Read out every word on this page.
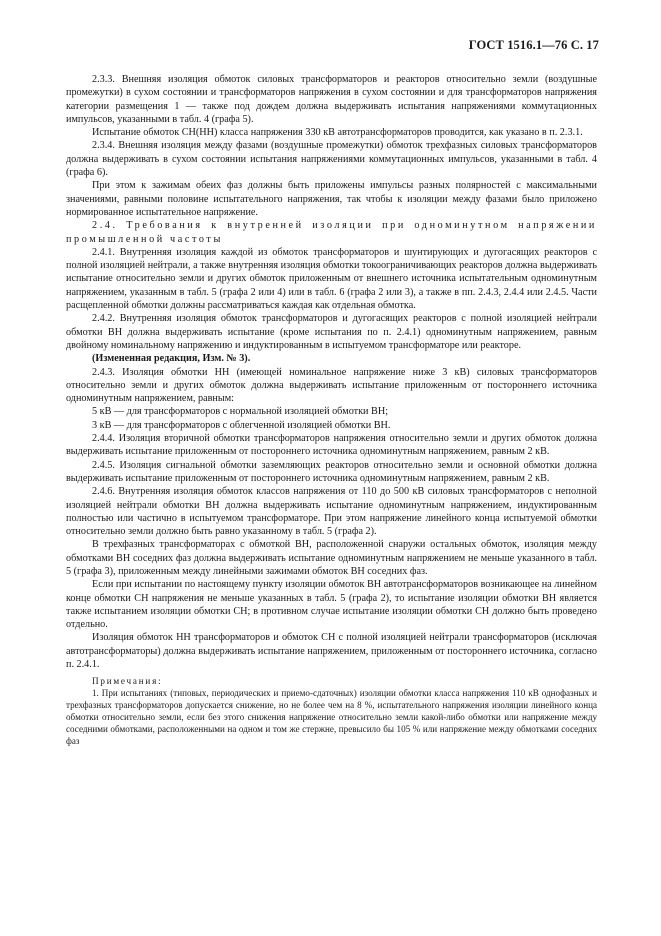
ГОСТ 1516.1—76 С. 17

2.3.3. Внешняя изоляция обмоток силовых трансформаторов и реакторов относительно земли (воздушные промежутки) в сухом состоянии и трансформаторов напряжения в сухом состоянии и для трансформаторов напряжения категории размещения 1 — также под дождем должна выдерживать испытания напряжениями коммутационных импульсов, указанными в табл. 4 (графа 5).

Испытание обмоток СН(НН) класса напряжения 330 кВ автотрансформаторов проводится, как указано в п. 2.3.1.

2.3.4. Внешняя изоляция между фазами (воздушные промежутки) обмоток трехфазных силовых трансформаторов должна выдерживать в сухом состоянии испытания напряжениями коммутационных импульсов, указанными в табл. 4 (графа 6).

При этом к зажимам обеих фаз должны быть приложены импульсы разных полярностей с максимальными значениями, равными половине испытательного напряжения, так чтобы к изоляции между фазами было приложено нормированное испытательное напряжение.

2.4. Требования к внутренней изоляции при одноминутном напряжении промышленной частоты

2.4.1. Внутренняя изоляция каждой из обмоток трансформаторов и шунтирующих и дугогасящих реакторов с полной изоляцией нейтрали, а также внутренняя изоляция обмотки токоограничивающих реакторов должна выдерживать испытание относительно земли и других обмоток приложенным от внешнего источника испытательным одноминутным напряжением, указанным в табл. 5 (графа 2 или 4) или в табл. 6 (графа 2 или 3), а также в пп. 2.4.3, 2.4.4 или 2.4.5. Части расщепленной обмотки должны рассматриваться каждая как отдельная обмотка.

2.4.2. Внутренняя изоляция обмоток трансформаторов и дугогасящих реакторов с полной изоляцией нейтрали обмотки ВН должна выдерживать испытание (кроме испытания по п. 2.4.1) одноминутным напряжением, равным двойному номинальному напряжению и индуктированным в испытуемом трансформаторе или реакторе.

(Измененная редакция, Изм. № 3).

2.4.3. Изоляция обмотки НН (имеющей номинальное напряжение ниже 3 кВ) силовых трансформаторов относительно земли и других обмоток должна выдерживать испытание приложенным от постороннего источника одноминутным напряжением, равным:

5 кВ — для трансформаторов с нормальной изоляцией обмотки ВН;

3 кВ — для трансформаторов с облегченной изоляцией обмотки ВН.

2.4.4. Изоляция вторичной обмотки трансформаторов напряжения относительно земли и других обмоток должна выдерживать испытание приложенным от постороннего источника одноминутным напряжением, равным 2 кВ.

2.4.5. Изоляция сигнальной обмотки заземляющих реакторов относительно земли и основной обмотки должна выдерживать испытание приложенным от постороннего источника одноминутным напряжением, равным 2 кВ.

2.4.6. Внутренняя изоляция обмоток классов напряжения от 110 до 500 кВ силовых трансформаторов с неполной изоляцией нейтрали обмотки ВН должна выдерживать испытание одноминутным напряжением, индуктированным полностью или частично в испытуемом трансформаторе. При этом напряжение линейного конца испытуемой обмотки относительно земли должно быть равно указанному в табл. 5 (графа 2).

В трехфазных трансформаторах с обмоткой ВН, расположенной снаружи остальных обмоток, изоляция между обмотками ВН соседних фаз должна выдерживать испытание одноминутным напряжением не меньше указанного в табл. 5 (графа 3), приложенным между линейными зажимами обмоток ВН соседних фаз.

Если при испытании по настоящему пункту изоляции обмоток ВН автотрансформаторов возникающее на линейном конце обмотки СН напряжения не меньше указанных в табл. 5 (графа 2), то испытание изоляции обмотки ВН является также испытанием изоляции обмотки СН; в противном случае испытание изоляции обмотки СН должно быть проведено отдельно.

Изоляция обмоток НН трансформаторов и обмоток СН с полной изоляцией нейтрали трансформаторов (исключая автотрансформаторы) должна выдерживать испытание напряжением, приложенным от постороннего источника, согласно п. 2.4.1.

Примечания:

1. При испытаниях (типовых, периодических и приемо-сдаточных) изоляции обмотки класса напряжения 110 кВ однофазных и трехфазных трансформаторов допускается снижение, но не более чем на 8 %, испытательного напряжения изоляции линейного конца обмотки относительно земли, если без этого снижения напряжение относительно земли какой-либо обмотки или напряжение между соседними обмотками, расположенными на одном и том же стержне, превысило бы 105 % или напряжение между обмотками соседних фаз
